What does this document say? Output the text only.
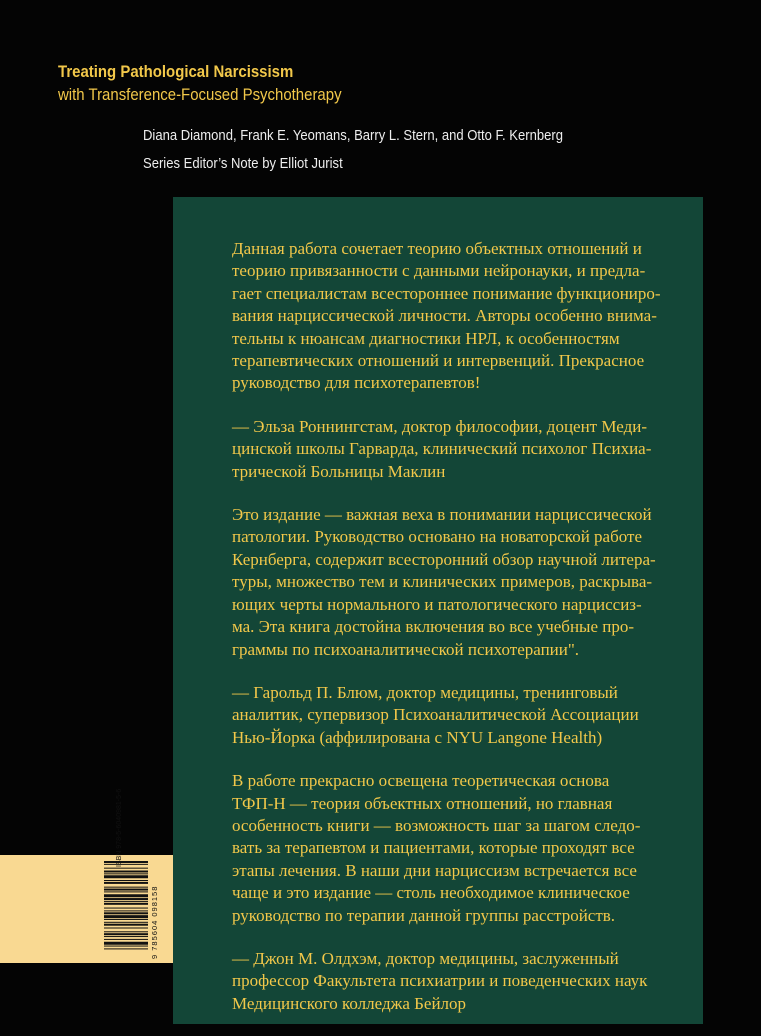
Treating Pathological Narcissism
with Transference-Focused Psychotherapy
Diana Diamond, Frank E. Yeomans, Barry L. Stern, and Otto F. Kernberg
Series Editor’s Note by Elliot Jurist
Данная работа сочетает теорию объектных отношений и
теорию привязанности с данными нейронауки, и предла-
гает специалистам всестороннее понимание функциониро-
вания нарциссической личности. Авторы особенно внима-
тельны к нюансам диагностики НРЛ, к особенностям
терапевтических отношений и интервенций. Прекрасное
руководство для психотерапевтов!
— Эльза Роннингстам, доктор философии, доцент Меди-
цинской школы Гарварда, клинический психолог Психиа-
трической Больницы Маклин
Это издание — важная веха в понимании нарциссической
патологии. Руководство основано на новаторской работе
Кернберга, содержит всесторонний обзор научной литера-
туры, множество тем и клинических примеров, раскрыва-
ющих черты нормального и патологического нарциссиз-
ма. Эта книга достойна включения во все учебные про-
граммы по психоаналитической психотерапии".
— Гарольд П. Блюм, доктор медицины, тренинговый
аналитик, супервизор Психоаналитической Ассоциации
Нью-Йорка (аффилирована с NYU Langone Health)
В работе прекрасно освещена теоретическая основа
ТФП-Н — теория объектных отношений, но главная
особенность книги — возможность шаг за шагом следо-
вать за терапевтом и пациентами, которые проходят все
этапы лечения. В наши дни нарциссизм встречается все
чаще и это издание — столь необходимое клиническое
руководство по терапии данной группы расстройств.
— Джон М. Олдхэм, доктор медицины, заслуженный
профессор Факультета психиатрии и поведенческих наук
Медицинского колледжа Бейлор
ISBN 978-5-6040981-5-6
9 785604 098158
